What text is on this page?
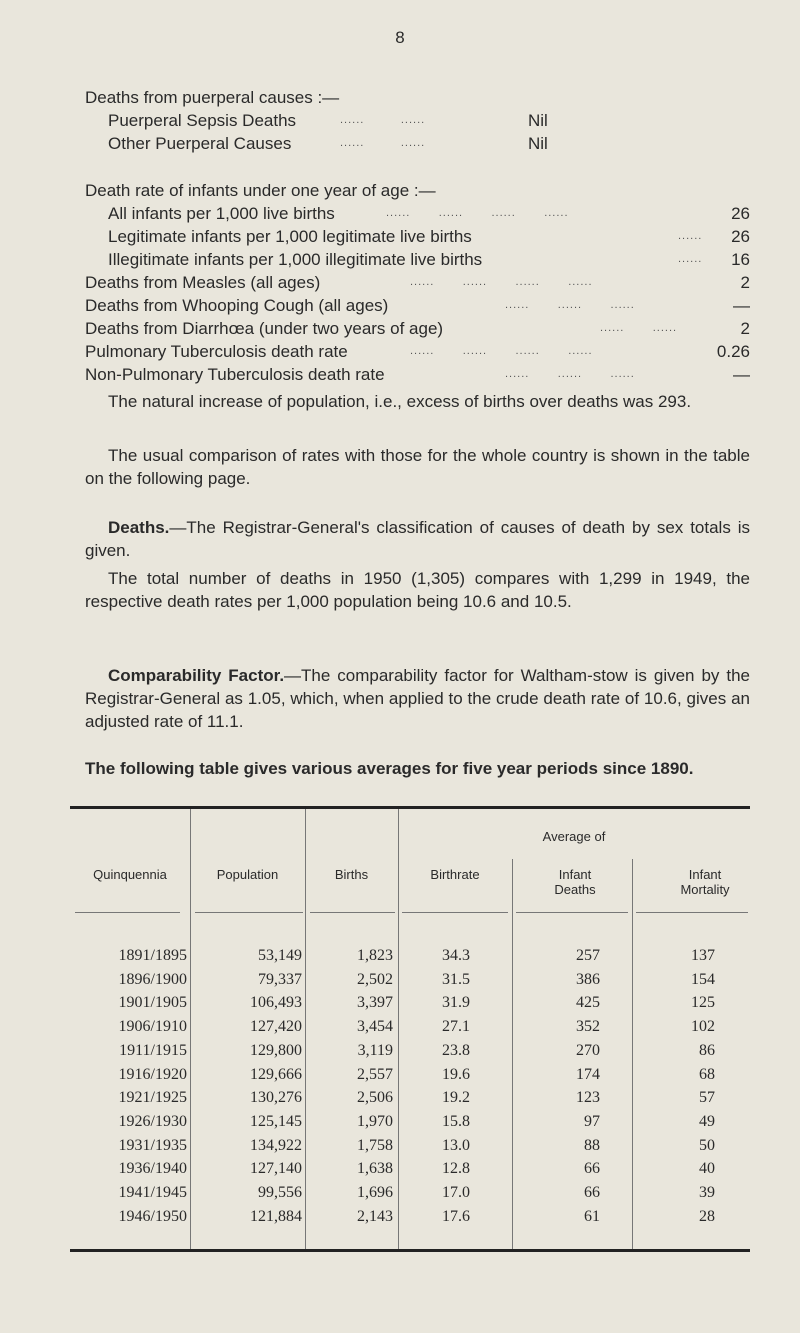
8
Deaths from puerperal causes :—
Puerperal Sepsis Deaths	......         ......	Nil
Other Puerperal Causes	......         ......	Nil
Death rate of infants under one year of age :—
All infants per 1,000 live births	......       ......       ......       ......	26
Legitimate infants per 1,000 legitimate live births	...... 26
Illegitimate infants per 1,000 illegitimate live births	...... 16
Deaths from Measles (all ages)	......       ......       ......       ......	2
Deaths from Whooping Cough (all ages)	......       ......       ......	—
Deaths from Diarrhœa (under two years of age)	......       ......	2
Pulmonary Tuberculosis death rate	......       ......       ......       ......	0.26
Non-Pulmonary Tuberculosis death rate	......       ......       ......	—
The natural increase of population, i.e., excess of births over deaths was 293.
The usual comparison of rates with those for the whole country is shown in the table on the following page.
Deaths.—The Registrar-General's classification of causes of death by sex totals is given.
The total number of deaths in 1950 (1,305) compares with 1,299 in 1949, the respective death rates per 1,000 population being 10.6 and 10.5.
Comparability Factor.—The comparability factor for Waltham-stow is given by the Registrar-General as 1.05, which, when applied to the crude death rate of 10.6, gives an adjusted rate of 11.1.
The following table gives various averages for five year periods since 1890.
Average of
Quinquennia	Population	Births	Birthrate	Infant Deaths
Infant Mortality
1891/1895	53,149	1,823	34.3	257	137
1896/1900	79,337	2,502	31.5	386	154
1901/1905	106,493	3,397	31.9	425	125
1906/1910	127,420	3,454	27.1	352	102
1911/1915	129,800	3,119	23.8	270	86
1916/1920	129,666	2,557	19.6	174	68
1921/1925	130,276	2,506	19.2	123	57
1926/1930	125,145	1,970	15.8	97	49
1931/1935	134,922	1,758	13.0	88	50
1936/1940	127,140	1,638	12.8	66	40
1941/1945	99,556	1,696	17.0	66	39
1946/1950	121,884	2,143	17.6	61	28
